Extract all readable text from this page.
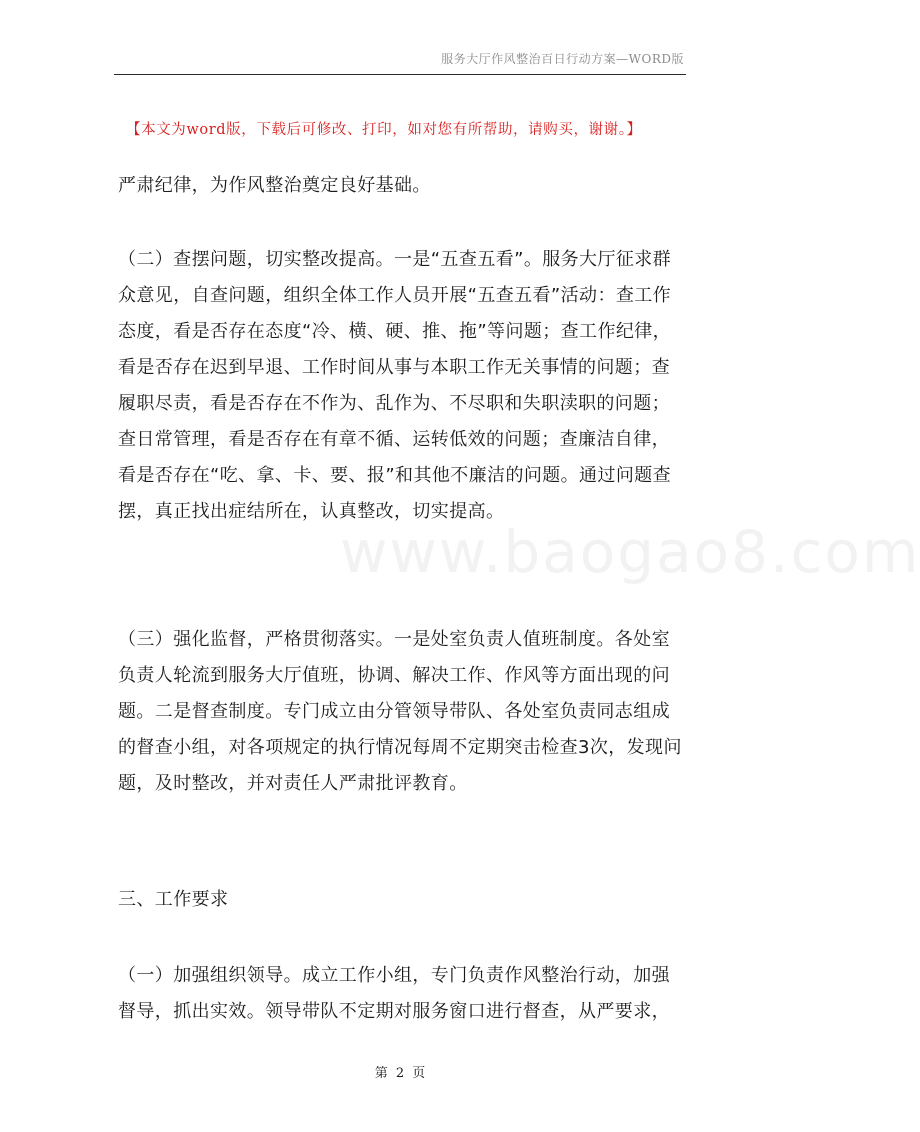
服务大厅作风整治百日行动方案—WORD版
【本文为word版，下载后可修改、打印，如对您有所帮助，请购买，谢谢。】

严肃纪律，为作风整治奠定良好基础。

（二）查摆问题，切实整改提高。一是“五查五看”。服务大厅征求群众意见，自查问题，组织全体工作人员开展“五查五看”活动：查工作态度，看是否存在态度“冷、横、硬、推、拖”等问题；查工作纪律，看是否存在迟到早退、工作时间从事与本职工作无关事情的问题；查履职尽责，看是否存在不作为、乱作为、不尽职和失职渎职的问题；查日常管理，看是否存在有章不循、运转低效的问题；查廉洁自律，看是否存在“吃、拿、卡、要、报”和其他不廉洁的问题。通过问题查摆，真正找出症结所在，认真整改，切实提高。

（三）强化监督，严格贯彻落实。一是处室负责人值班制度。各处室负责人轮流到服务大厅值班，协调、解决工作、作风等方面出现的问题。二是督查制度。专门成立由分管领导带队、各处室负责同志组成的督查小组，对各项规定的执行情况每周不定期突击检查3次，发现问题，及时整改，并对责任人严肃批评教育。

三、工作要求

（一）加强组织领导。成立工作小组，专门负责作风整治行动，加强督导，抓出实效。领导带队不定期对服务窗口进行督查，从严要求，

www.baogao8.com
第 2 页
